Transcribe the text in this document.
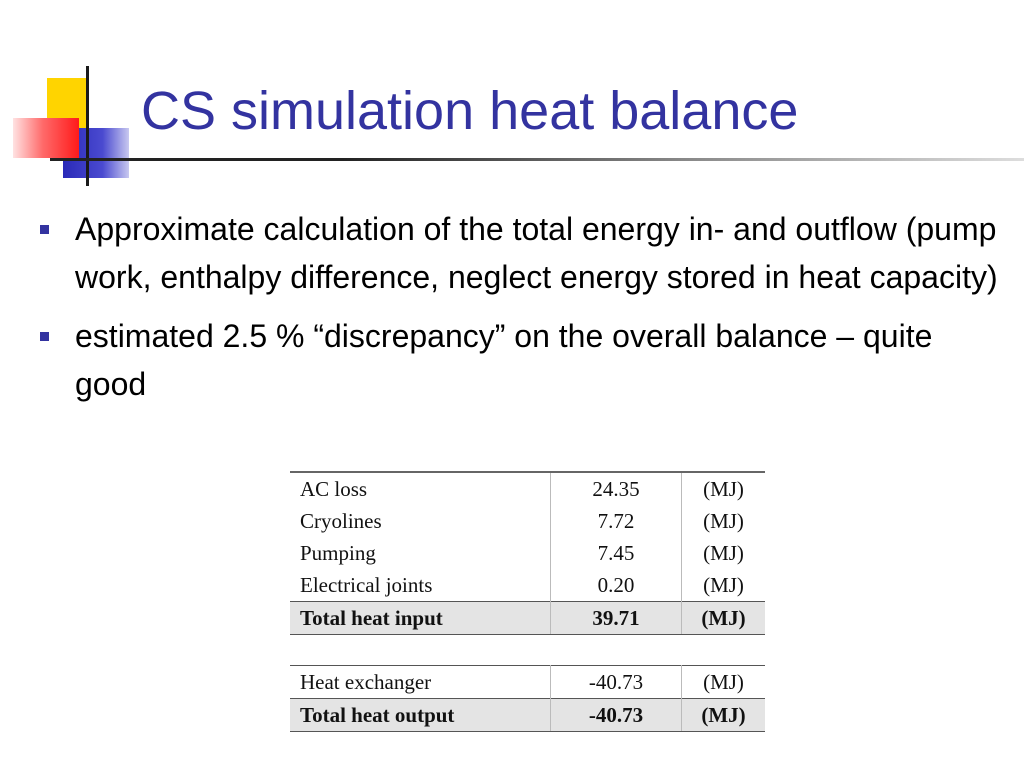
CS simulation heat balance
Approximate calculation of the total energy in- and outflow (pump work, enthalpy difference, neglect energy stored in heat capacity)
estimated 2.5 % “discrepancy” on the overall balance – quite good
AC loss	24.35	(MJ)
Cryolines	7.72	(MJ)
Pumping	7.45	(MJ)
Electrical joints	0.20	(MJ)
Total heat input	39.71	(MJ)

Heat exchanger	-40.73	(MJ)
Total heat output	-40.73	(MJ)
